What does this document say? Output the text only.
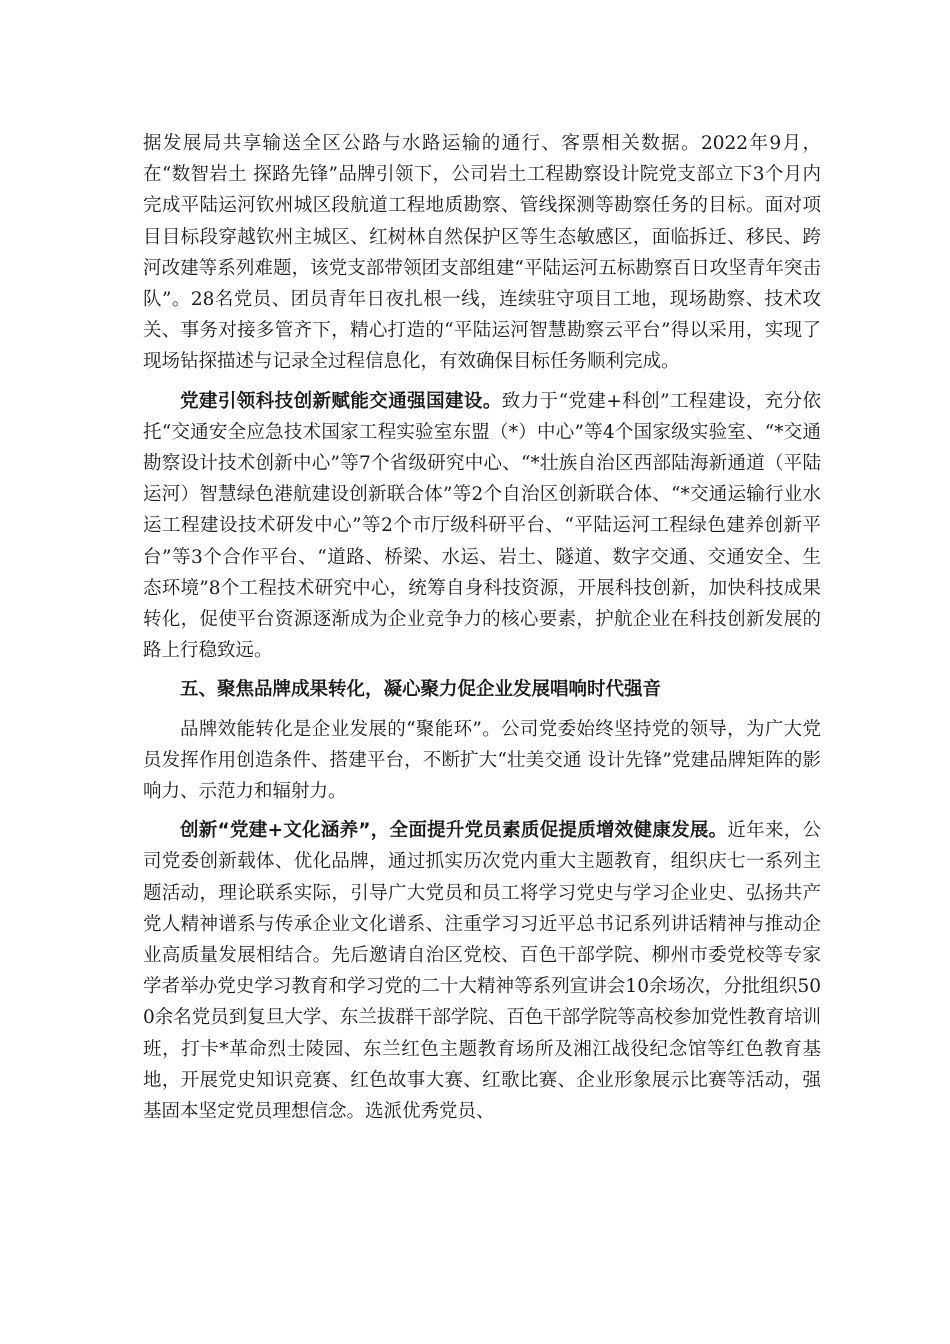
据发展局共享输送全区公路与水路运输的通行、客票相关数据。2022年9月，在“数智岩土 探路先锋”品牌引领下，公司岩土工程勘察设计院党支部立下3个月内完成平陆运河钦州城区段航道工程地质勘察、管线探测等勘察任务的目标。面对项目目标段穿越钦州主城区、红树林自然保护区等生态敏感区，面临拆迁、移民、跨河改建等系列难题，该党支部带领团支部组建“平陆运河五标勘察百日攻坚青年突击队”。28名党员、团员青年日夜扎根一线，连续驻守项目工地，现场勘察、技术攻关、事务对接多管齐下，精心打造的“平陆运河智慧勘察云平台”得以采用，实现了现场钻探描述与记录全过程信息化，有效确保目标任务顺利完成。

党建引领科技创新赋能交通强国建设。致力于“党建+科创”工程建设，充分依托“交通安全应急技术国家工程实验室东盟（*）中心”等4个国家级实验室、“*交通勘察设计技术创新中心”等7个省级研究中心、“*壮族自治区西部陆海新通道（平陆运河）智慧绿色港航建设创新联合体”等2个自治区创新联合体、“*交通运输行业水运工程建设技术研发中心”等2个市厅级科研平台、“平陆运河工程绿色建养创新平台”等3个合作平台、“道路、桥梁、水运、岩土、隧道、数字交通、交通安全、生态环境”8个工程技术研究中心，统筹自身科技资源，开展科技创新，加快科技成果转化，促使平台资源逐渐成为企业竞争力的核心要素，护航企业在科技创新发展的路上行稳致远。

五、聚焦品牌成果转化，凝心聚力促企业发展唱响时代强音

品牌效能转化是企业发展的“聚能环”。公司党委始终坚持党的领导，为广大党员发挥作用创造条件、搭建平台，不断扩大“壮美交通 设计先锋”党建品牌矩阵的影响力、示范力和辐射力。

创新“党建+文化涵养”，全面提升党员素质促提质增效健康发展。近年来，公司党委创新载体、优化品牌，通过抓实历次党内重大主题教育，组织庆七一系列主题活动，理论联系实际，引导广大党员和员工将学习党史与学习企业史、弘扬共产党人精神谱系与传承企业文化谱系、注重学习习近平总书记系列讲话精神与推动企业高质量发展相结合。先后邀请自治区党校、百色干部学院、柳州市委党校等专家学者举办党史学习教育和学习党的二十大精神等系列宣讲会10余场次，分批组织500余名党员到复旦大学、东兰拔群干部学院、百色干部学院等高校参加党性教育培训班，打卡*革命烈士陵园、东兰红色主题教育场所及湘江战役纪念馆等红色教育基地，开展党史知识竞赛、红色故事大赛、红歌比赛、企业形象展示比赛等活动，强基固本坚定党员理想信念。选派优秀党员、
